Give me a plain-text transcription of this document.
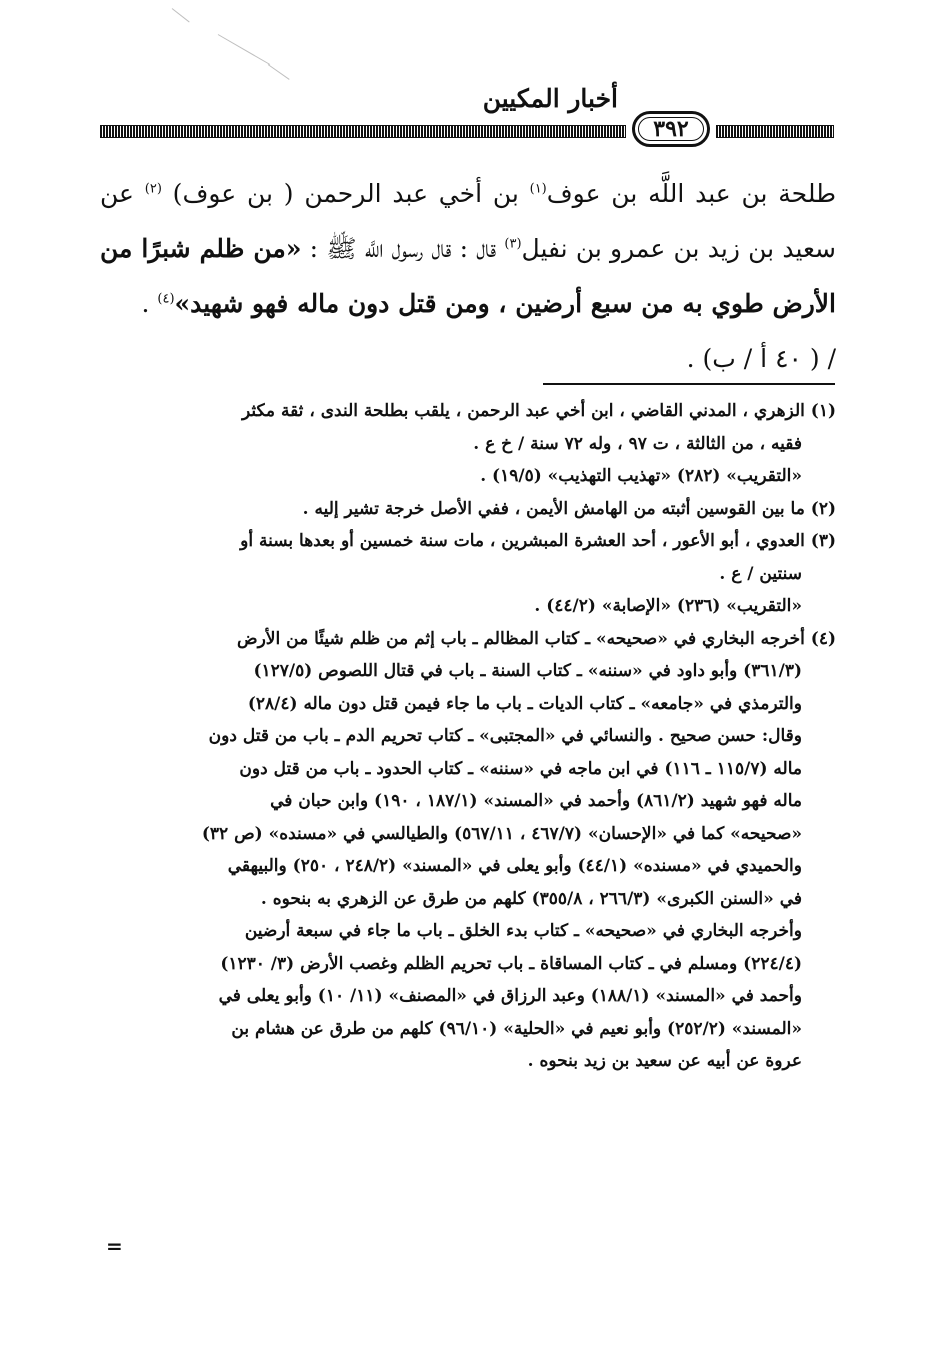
أخبار المكيين
٣٩٢

طلحة بن عبد اللَّه بن عوف$^{(١)}$ بن أخي عبد الرحمن ( بن عوف) $^{(٢)}$ عن سعيد بن زيد بن عمرو بن نفيل$^{(٣)}$ قال : قال رسول اللَّه ﷺ : «من ظلم شبرًا من الأرض طوي به من سبع أرضين ، ومن قتل دون ماله فهو شهيد»$^{(٤)}$ .

/ ( ٤٠ أ / ب) .

(١) الزهري ، المدني القاضي ، ابن أخي عبد الرحمن ، يلقب بطلحة الندى ، ثقة مكثر
فقيه ، من الثالثة ، ت ٩٧ ، وله ٧٢ سنة / خ ع .
«التقريب» (٢٨٢) «تهذيب التهذيب» (١٩/٥) .
(٢) ما بين القوسين أثبته من الهامش الأيمن ، ففي الأصل خرجة تشير إليه .
(٣) العدوي ، أبو الأعور ، أحد العشرة المبشرين ، مات سنة خمسين أو بعدها بسنة أو
سنتين / ع .
«التقريب» (٢٣٦) «الإصابة» (٤٤/٢) .
(٤) أخرجه البخاري في «صحيحه» ـ كتاب المظالم ـ باب إثم من ظلم شيئًا من الأرض
(٣٦١/٣) وأبو داود في «سننه» ـ كتاب السنة ـ باب في قتال اللصوص (١٢٧/٥)
والترمذي في «جامعه» ـ كتاب الديات ـ باب ما جاء فيمن قتل دون ماله (٢٨/٤)
وقال: حسن صحيح . والنسائي في «المجتبى» ـ كتاب تحريم الدم ـ باب من قتل دون
ماله (١١٥/٧ ـ ١١٦) في ابن ماجه في «سننه» ـ كتاب الحدود ـ باب من قتل دون
ماله فهو شهيد (٨٦١/٢) وأحمد في «المسند» (١٨٧/١ ، ١٩٠) وابن حبان في
«صحيحه» كما في «الإحسان» (٤٦٧/٧ ، ٥٦٧/١١) والطيالسي في «مسنده» (ص ٣٢)
والحميدي في «مسنده» (٤٤/١) وأبو يعلى في «المسند» (٢٤٨/٢ ، ٢٥٠) والبيهقي
في «السنن الكبرى» (٢٦٦/٣ ، ٣٥٥/٨) كلهم من طرق عن الزهري به بنحوه .
وأخرجه البخاري في «صحيحه» ـ كتاب بدء الخلق ـ باب ما جاء في سبعة أرضين
(٢٢٤/٤) ومسلم في ـ كتاب المساقاة ـ باب تحريم الظلم وغصب الأرض (٣/ ١٢٣٠)
وأحمد في «المسند» (١٨٨/١) وعبد الرزاق في «المصنف» (١١/ ١٠) وأبو يعلى في
«المسند» (٢٥٢/٢) وأبو نعيم في «الحلية» (٩٦/١٠) كلهم من طرق عن هشام بن
عروة عن أبيه عن سعيد بن زيد بنحوه .
=
